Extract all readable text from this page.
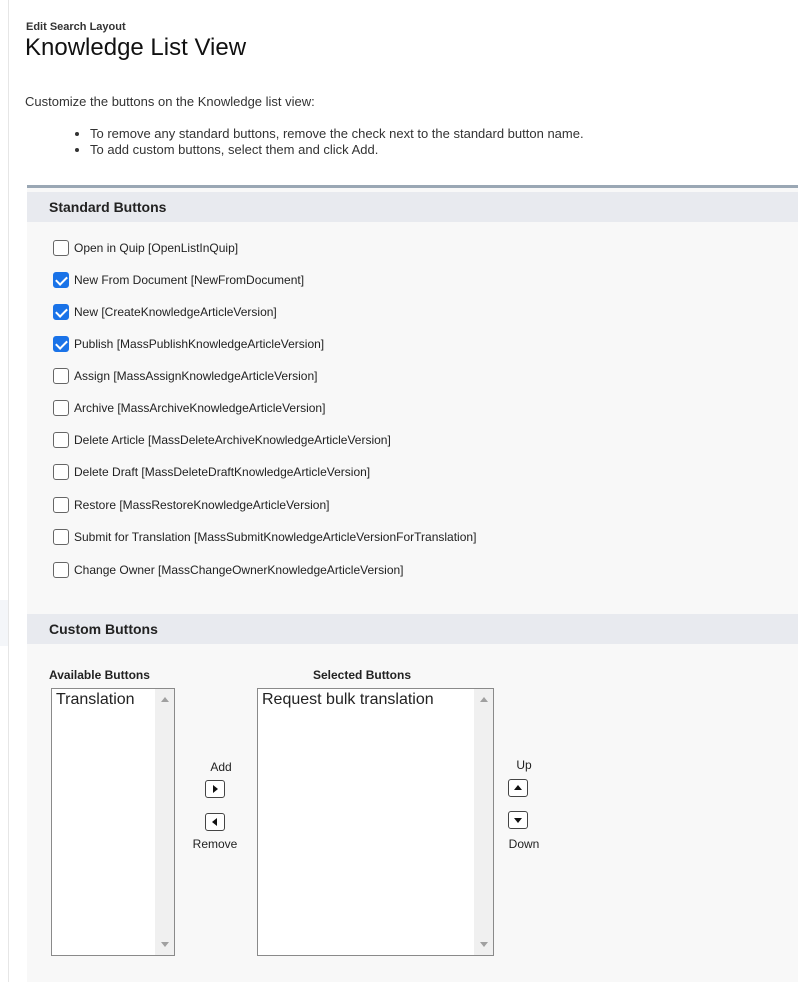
Edit Search Layout
Knowledge List View
Customize the buttons on the Knowledge list view:
• To remove any standard buttons, remove the check next to the standard button name.
• To add custom buttons, select them and click Add.
Standard Buttons
Open in Quip [OpenListInQuip]
New From Document [NewFromDocument]
New [CreateKnowledgeArticleVersion]
Publish [MassPublishKnowledgeArticleVersion]
Assign [MassAssignKnowledgeArticleVersion]
Archive [MassArchiveKnowledgeArticleVersion]
Delete Article [MassDeleteArchiveKnowledgeArticleVersion]
Delete Draft [MassDeleteDraftKnowledgeArticleVersion]
Restore [MassRestoreKnowledgeArticleVersion]
Submit for Translation [MassSubmitKnowledgeArticleVersionForTranslation]
Change Owner [MassChangeOwnerKnowledgeArticleVersion]
Custom Buttons
Available Buttons	Selected Buttons
Translation
Add
Remove
Request bulk translation
Up
Down
